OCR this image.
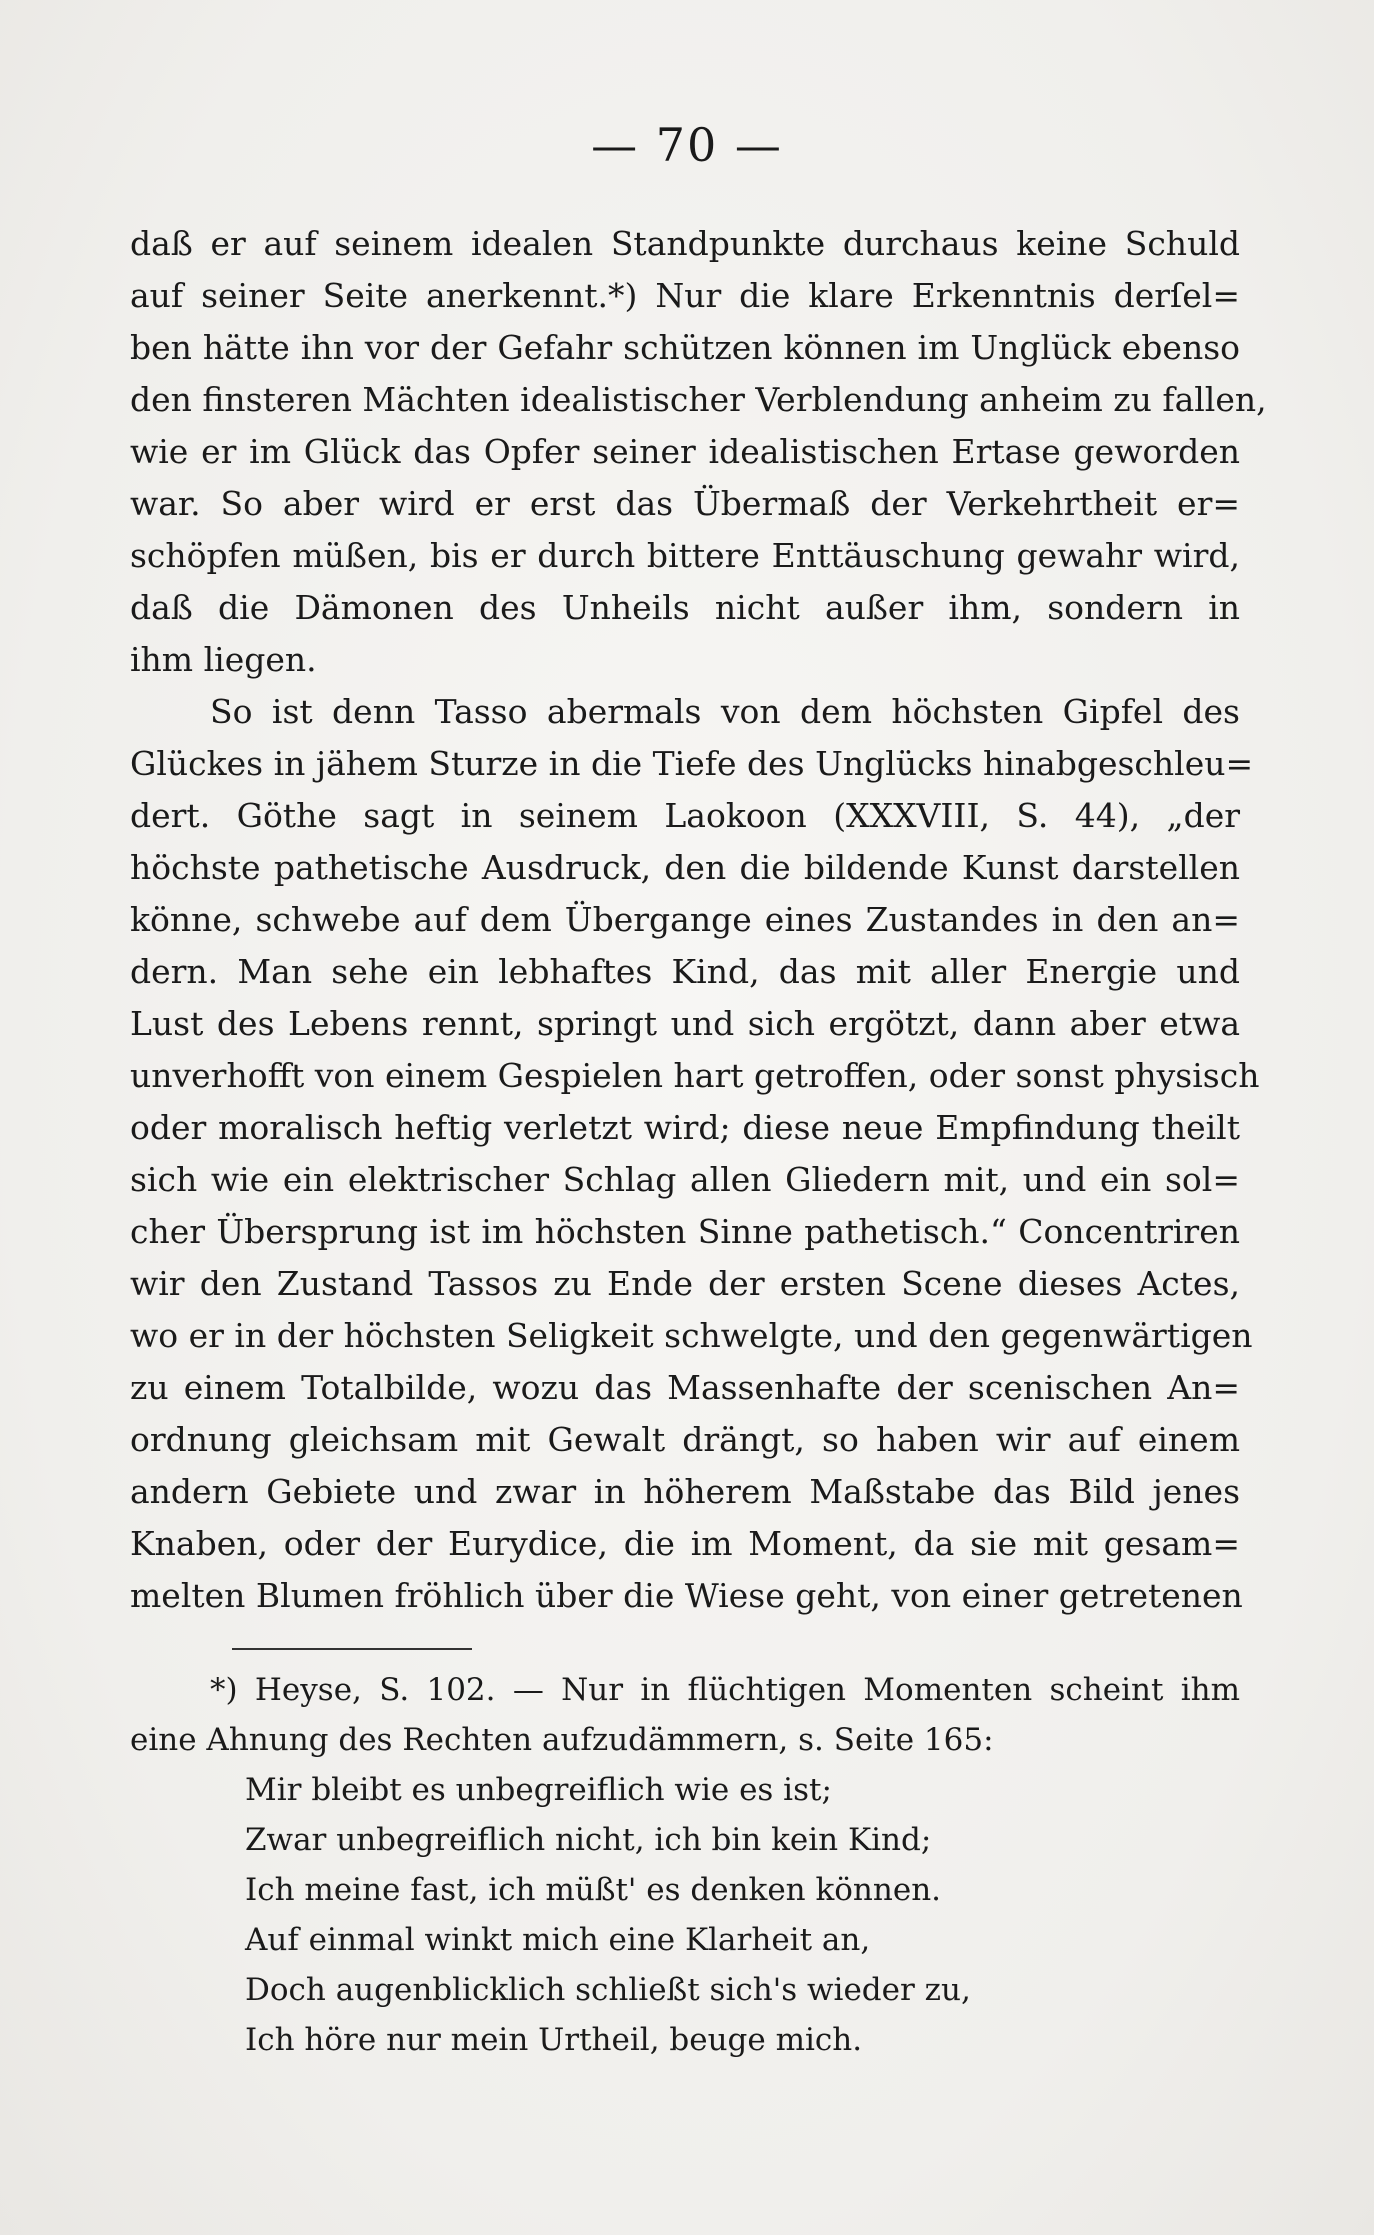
— 70 —
daß er auf seinem idealen Standpunkte durchaus keine Schuld
auf seiner Seite anerkennt.*) Nur die klare Erkenntnis derſel=
ben hätte ihn vor der Gefahr schützen können im Unglück ebenso
den finsteren Mächten idealistischer Verblendung anheim zu fallen,
wie er im Glück das Opfer seiner idealistischen Ertase geworden
war. So aber wird er erst das Übermaß der Verkehrtheit er=
schöpfen müßen, bis er durch bittere Enttäuschung gewahr wird,
daß die Dämonen des Unheils nicht außer ihm, sondern in
ihm liegen.
So ist denn Tasso abermals von dem höchsten Gipfel des
Glückes in jähem Sturze in die Tiefe des Unglücks hinabgeschleu=
dert. Göthe sagt in seinem Laokoon (XXXVIII, S. 44), „der
höchste pathetische Ausdruck, den die bildende Kunst darstellen
könne, schwebe auf dem Übergange eines Zustandes in den an=
dern. Man sehe ein lebhaftes Kind, das mit aller Energie und
Lust des Lebens rennt, springt und sich ergötzt, dann aber etwa
unverhofft von einem Gespielen hart getroffen, oder sonst physisch
oder moralisch heftig verletzt wird; diese neue Empfindung theilt
sich wie ein elektrischer Schlag allen Gliedern mit, und ein sol=
cher Übersprung ist im höchsten Sinne pathetisch.“ Concentriren
wir den Zustand Tassos zu Ende der ersten Scene dieses Actes,
wo er in der höchsten Seligkeit schwelgte, und den gegenwärtigen
zu einem Totalbilde, wozu das Massenhafte der scenischen An=
ordnung gleichsam mit Gewalt drängt, so haben wir auf einem
andern Gebiete und zwar in höherem Maßstabe das Bild jenes
Knaben, oder der Eurydice, die im Moment, da sie mit gesam=
melten Blumen fröhlich über die Wiese geht, von einer getretenen
*) Heyse, S. 102. — Nur in flüchtigen Momenten scheint ihm
eine Ahnung des Rechten aufzudämmern, s. Seite 165:
Mir bleibt es unbegreiflich wie es ist;
Zwar unbegreiflich nicht, ich bin kein Kind;
Ich meine fast, ich müßt' es denken können.
Auf einmal winkt mich eine Klarheit an,
Doch augenblicklich schließt sich's wieder zu,
Ich höre nur mein Urtheil, beuge mich.
